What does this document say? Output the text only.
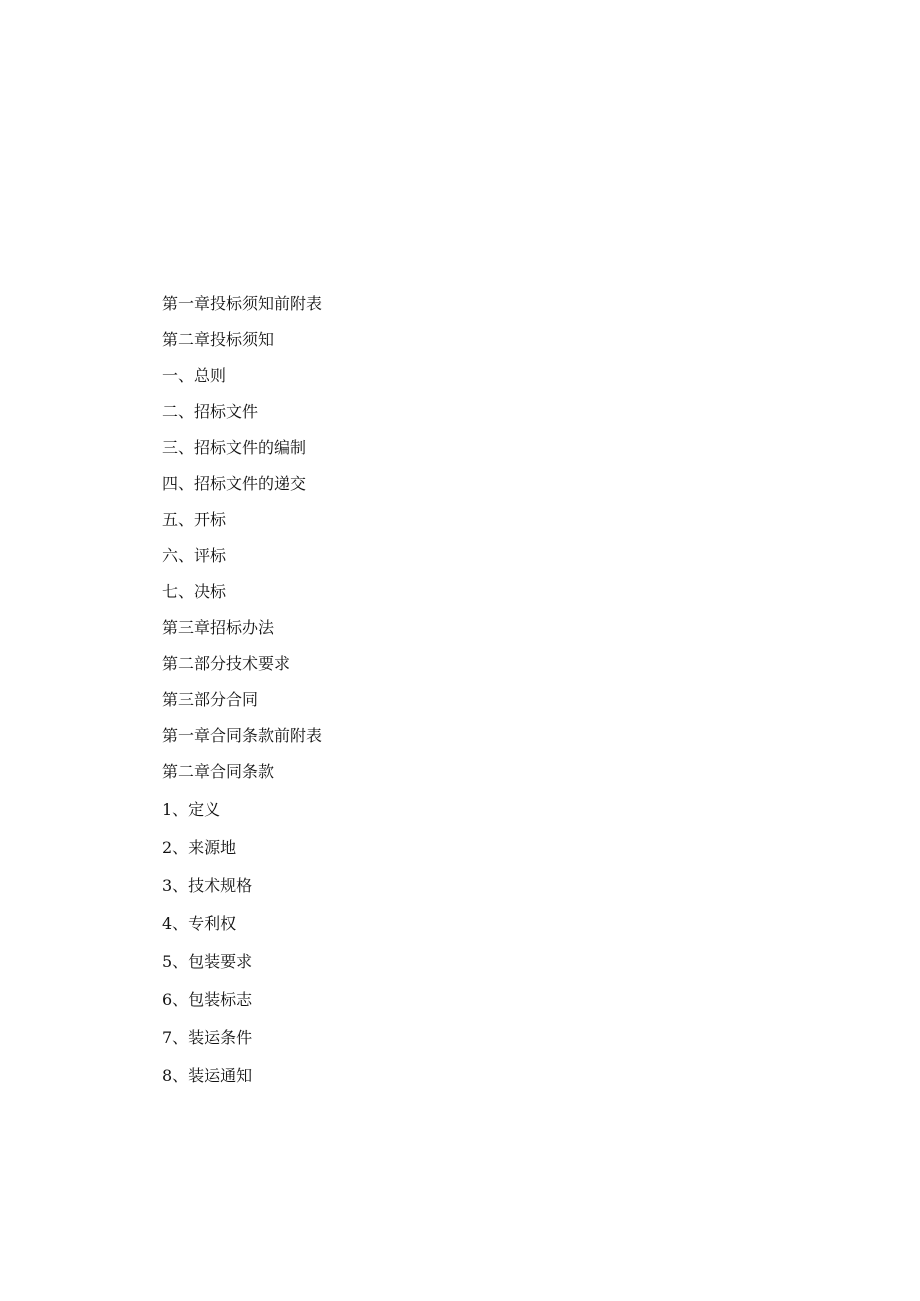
第一章投标须知前附表
第二章投标须知
一、总则
二、招标文件
三、招标文件的编制
四、招标文件的递交
五、开标
六、评标
七、决标
第三章招标办法
第二部分技术要求
第三部分合同
第一章合同条款前附表
第二章合同条款
1、定义
2、来源地
3、技术规格
4、专利权
5、包装要求
6、包装标志
7、装运条件
8、装运通知
